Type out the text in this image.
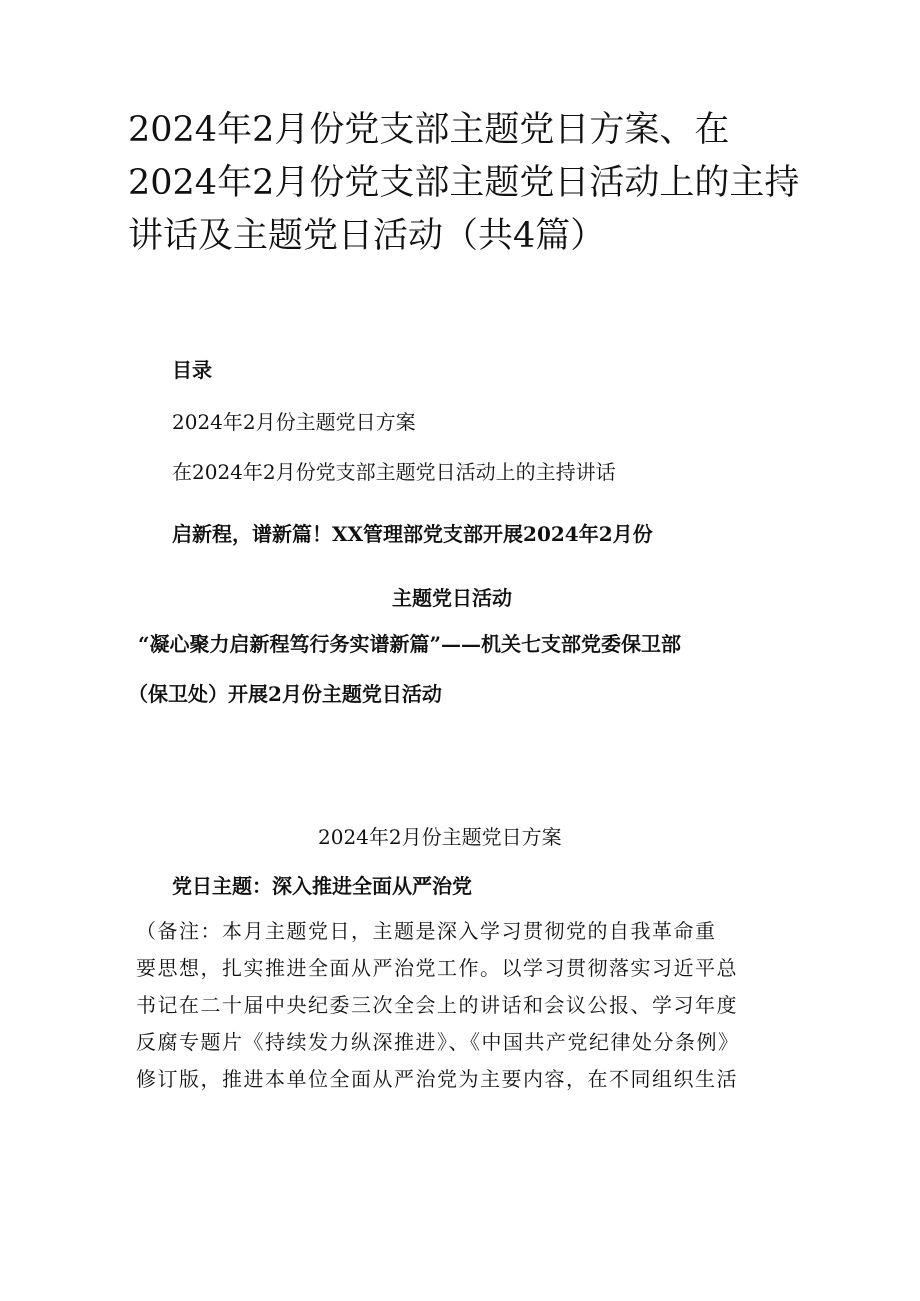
2024年2月份党支部主题党日方案、在
2024年2月份党支部主题党日活动上的主持
讲话及主题党日活动（共4篇）

目录

2024年2月份主题党日方案

在2024年2月份党支部主题党日活动上的主持讲话

启新程，谱新篇！XX管理部党支部开展2024年2月份

主题党日活动

“凝心聚力启新程笃行务实谱新篇”——机关七支部党委保卫部

（保卫处）开展2月份主题党日活动

2024年2月份主题党日方案

党日主题：深入推进全面从严治党

（备注：本月主题党日，主题是深入学习贯彻党的自我革命重
要思想，扎实推进全面从严治党工作。以学习贯彻落实习近平总
书记在二十届中央纪委三次全会上的讲话和会议公报、学习年度
反腐专题片《持续发力纵深推进》、《中国共产党纪律处分条例》
修订版，推进本单位全面从严治党为主要内容，在不同组织生活
